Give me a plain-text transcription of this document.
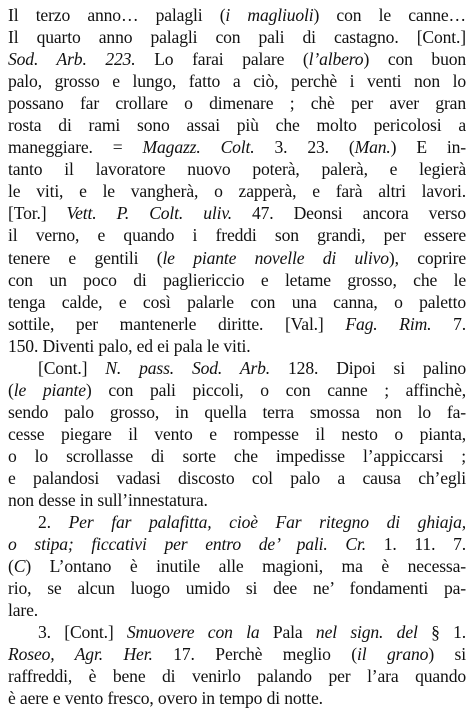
Il terzo anno… palagli (i magliuoli) con le canne…
Il quarto anno palagli con pali di castagno. [Cont.]
Sod. Arb. 223. Lo farai palare (l’albero) con buon
palo, grosso e lungo, fatto a ciò, perchè i venti non lo
possano far crollare o dimenare ; chè per aver gran
rosta di rami sono assai più che molto pericolosi a
maneggiare. = Magazz. Colt. 3. 23. (Man.) E in-
tanto il lavoratore nuovo poterà, palerà, e legierà
le viti, e le vangherà, o zapperà, e farà altri lavori.
[Tor.] Vett. P. Colt. uliv. 47. Deonsi ancora verso
il verno, e quando i freddi son grandi, per essere
tenere e gentili (le piante novelle di ulivo), coprire
con un poco di pagliericcio e letame grosso, che le
tenga calde, e così palarle con una canna, o paletto
sottile, per mantenerle diritte. [Val.] Fag. Rim. 7.
150. Diventi palo, ed ei pala le viti.
[Cont.] N. pass. Sod. Arb. 128. Dipoi si palino
(le piante) con pali piccoli, o con canne ; affinchè,
sendo palo grosso, in quella terra smossa non lo fa-
cesse piegare il vento e rompesse il nesto o pianta,
o lo scrollasse di sorte che impedisse l’appiccarsi ;
e palandosi vadasi discosto col palo a causa ch’egli
non desse in sull’innestatura.
2. Per far palafitta, cioè Far ritegno di ghiaja,
o stipa; ficcativi per entro de’ pali. Cr. 1. 11. 7.
(C) L’ontano è inutile alle magioni, ma è necessa-
rio, se alcun luogo umido si dee ne’ fondamenti pa-
lare.
3. [Cont.] Smuovere con la Pala nel sign. del § 1.
Roseo, Agr. Her. 17. Perchè meglio (il grano) si
raffreddi, è bene di venirlo palando per l’ara quando
è aere e vento fresco, overo in tempo di notte.
